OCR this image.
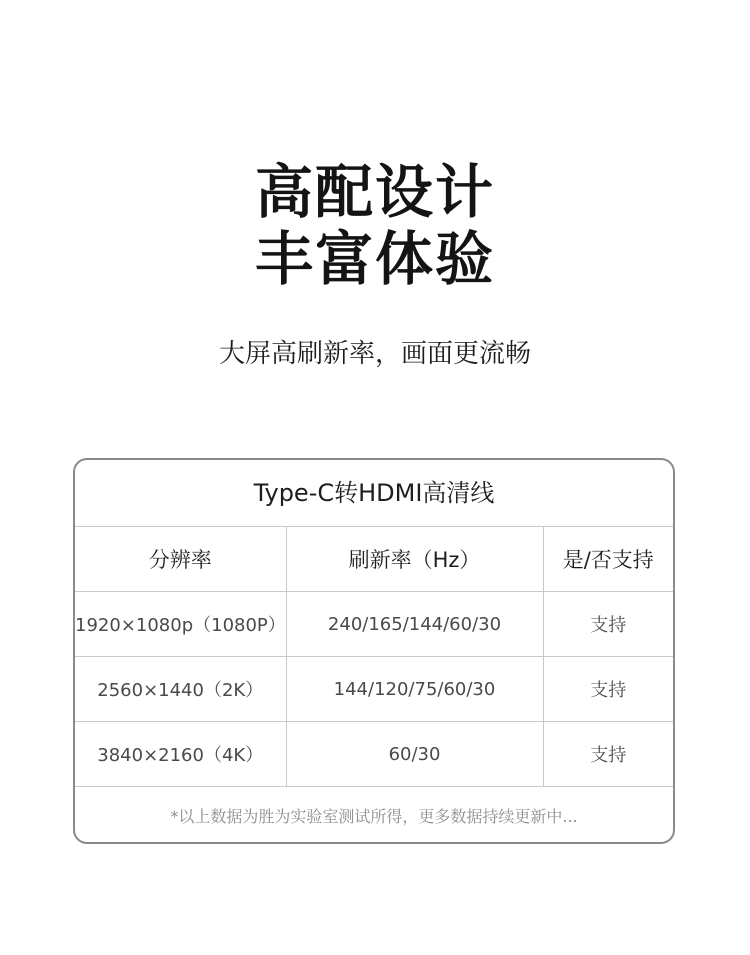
高配设计
丰富体验
大屏高刷新率，画面更流畅
Type-C转HDMI高清线
分辨率	刷新率（Hz）	是/否支持
1920×1080p（1080P）	240/165/144/60/30	支持
2560×1440（2K）	144/120/75/60/30	支持
3840×2160（4K）	60/30	支持
*以上数据为胜为实验室测试所得，更多数据持续更新中...
